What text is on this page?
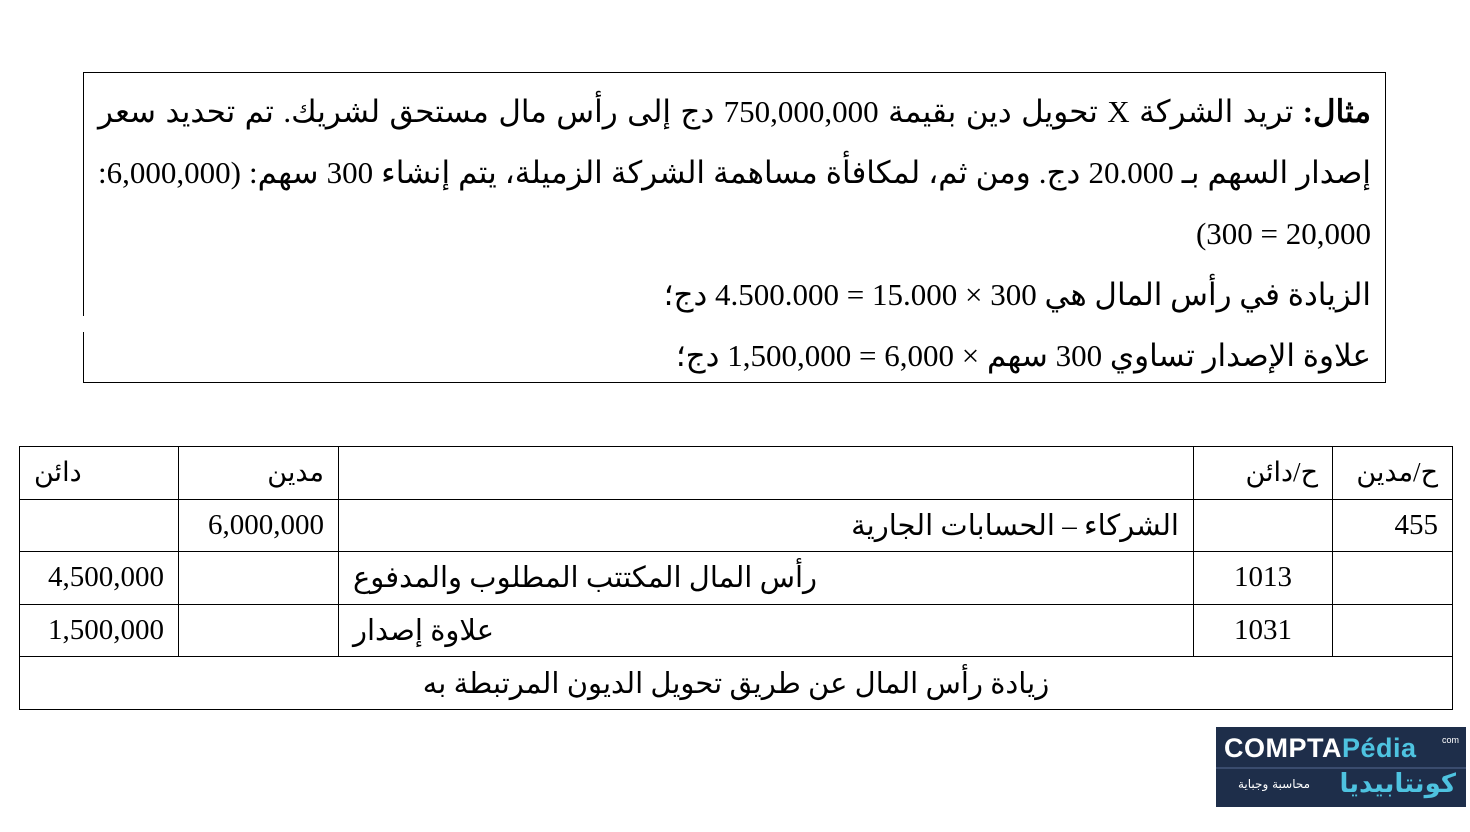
مثال: تريد الشركة X تحويل دين بقيمة 750,000,000 دج إلى رأس مال مستحق لشريك. تم تحديد سعر إصدار السهم بـ 20.000 دج. ومن ثم، لمكافأة مساهمة الشركة الزميلة، يتم إنشاء 300 سهم: (6,000,000: 20,000 = 300)

الزيادة في رأس المال هي 300 × 15.000 = 4.500.000 دج؛

علاوة الإصدار تساوي 300 سهم × 6,000 = 1,500,000 دج؛

دائن	مدين		ح/دائن	ح/مدين
	6,000,000	الشركاء – الحسابات الجارية		455
4,500,000		رأس المال المكتتب المطلوب والمدفوع	1013	
1,500,000		علاوة إصدار	1031	
زيادة رأس المال عن طريق تحويل الديون المرتبطة به				
COMPTAPédia	com
كونتابيديا
محاسبة وجباية
